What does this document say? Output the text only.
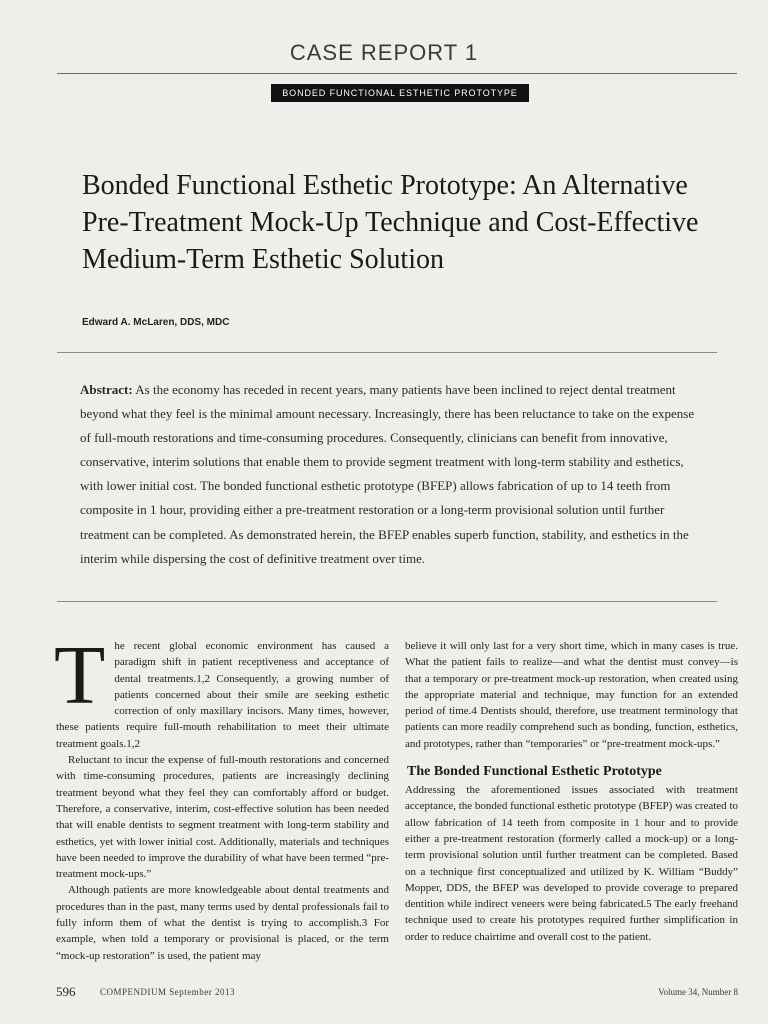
CASE REPORT 1
BONDED FUNCTIONAL ESTHETIC PROTOTYPE
Bonded Functional Esthetic Prototype: An Alternative Pre-Treatment Mock-Up Technique and Cost-Effective Medium-Term Esthetic Solution
Edward A. McLaren, DDS, MDC

Abstract: As the economy has receded in recent years, many patients have been inclined to reject dental treatment beyond what they feel is the minimal amount necessary. Increasingly, there has been reluctance to take on the expense of full-mouth restorations and time-consuming procedures. Consequently, clinicians can benefit from innovative, conservative, interim solutions that enable them to provide segment treatment with long-term stability and esthetics, with lower initial cost. The bonded functional esthetic prototype (BFEP) allows fabrication of up to 14 teeth from composite in 1 hour, providing either a pre-treatment restoration or a long-term provisional solution until further treatment can be completed. As demonstrated herein, the BFEP enables superb function, stability, and esthetics in the interim while dispersing the cost of definitive treatment over time.

T he recent global economic environment has caused a paradigm shift in patient receptiveness and acceptance of dental treatments.1,2 Consequently, a growing number of patients concerned about their smile are seeking esthetic correction of only maxillary incisors. Many times, however, these patients require full-mouth rehabilitation to meet their ultimate treatment goals.1,2

Reluctant to incur the expense of full-mouth restorations and concerned with time-consuming procedures, patients are increasingly declining treatment beyond what they feel they can comfortably afford or budget. Therefore, a conservative, interim, cost-effective solution has been needed that will enable dentists to segment treatment with long-term stability and esthetics, yet with lower initial cost. Additionally, materials and techniques have been needed to improve the durability of what have been termed “pre-treatment mock-ups.”

Although patients are more knowledgeable about dental treatments and procedures than in the past, many terms used by dental professionals fail to fully inform them of what the dentist is trying to accomplish.3 For example, when told a temporary or provisional is placed, or the term “mock-up restoration” is used, the patient may

believe it will only last for a very short time, which in many cases is true. What the patient fails to realize—and what the dentist must convey—is that a temporary or pre-treatment mock-up restoration, when created using the appropriate material and technique, may function for an extended period of time.4 Dentists should, therefore, use treatment terminology that patients can more readily comprehend such as bonding, function, esthetics, and prototypes, rather than “temporaries” or “pre-treatment mock-ups.”

The Bonded Functional Esthetic Prototype

Addressing the aforementioned issues associated with treatment acceptance, the bonded functional esthetic prototype (BFEP) was created to allow fabrication of 14 teeth from composite in 1 hour and to provide either a pre-treatment restoration (formerly called a mock-up) or a long-term provisional solution until further treatment can be completed. Based on a technique first conceptualized and utilized by K. William “Buddy” Mopper, DDS, the BFEP was developed to provide coverage to prepared dentition while indirect veneers were being fabricated.5 The early freehand technique used to create his prototypes required further simplification in order to reduce chairtime and overall cost to the patient.

596	COMPENDIUM September 2013	Volume 34, Number 8
